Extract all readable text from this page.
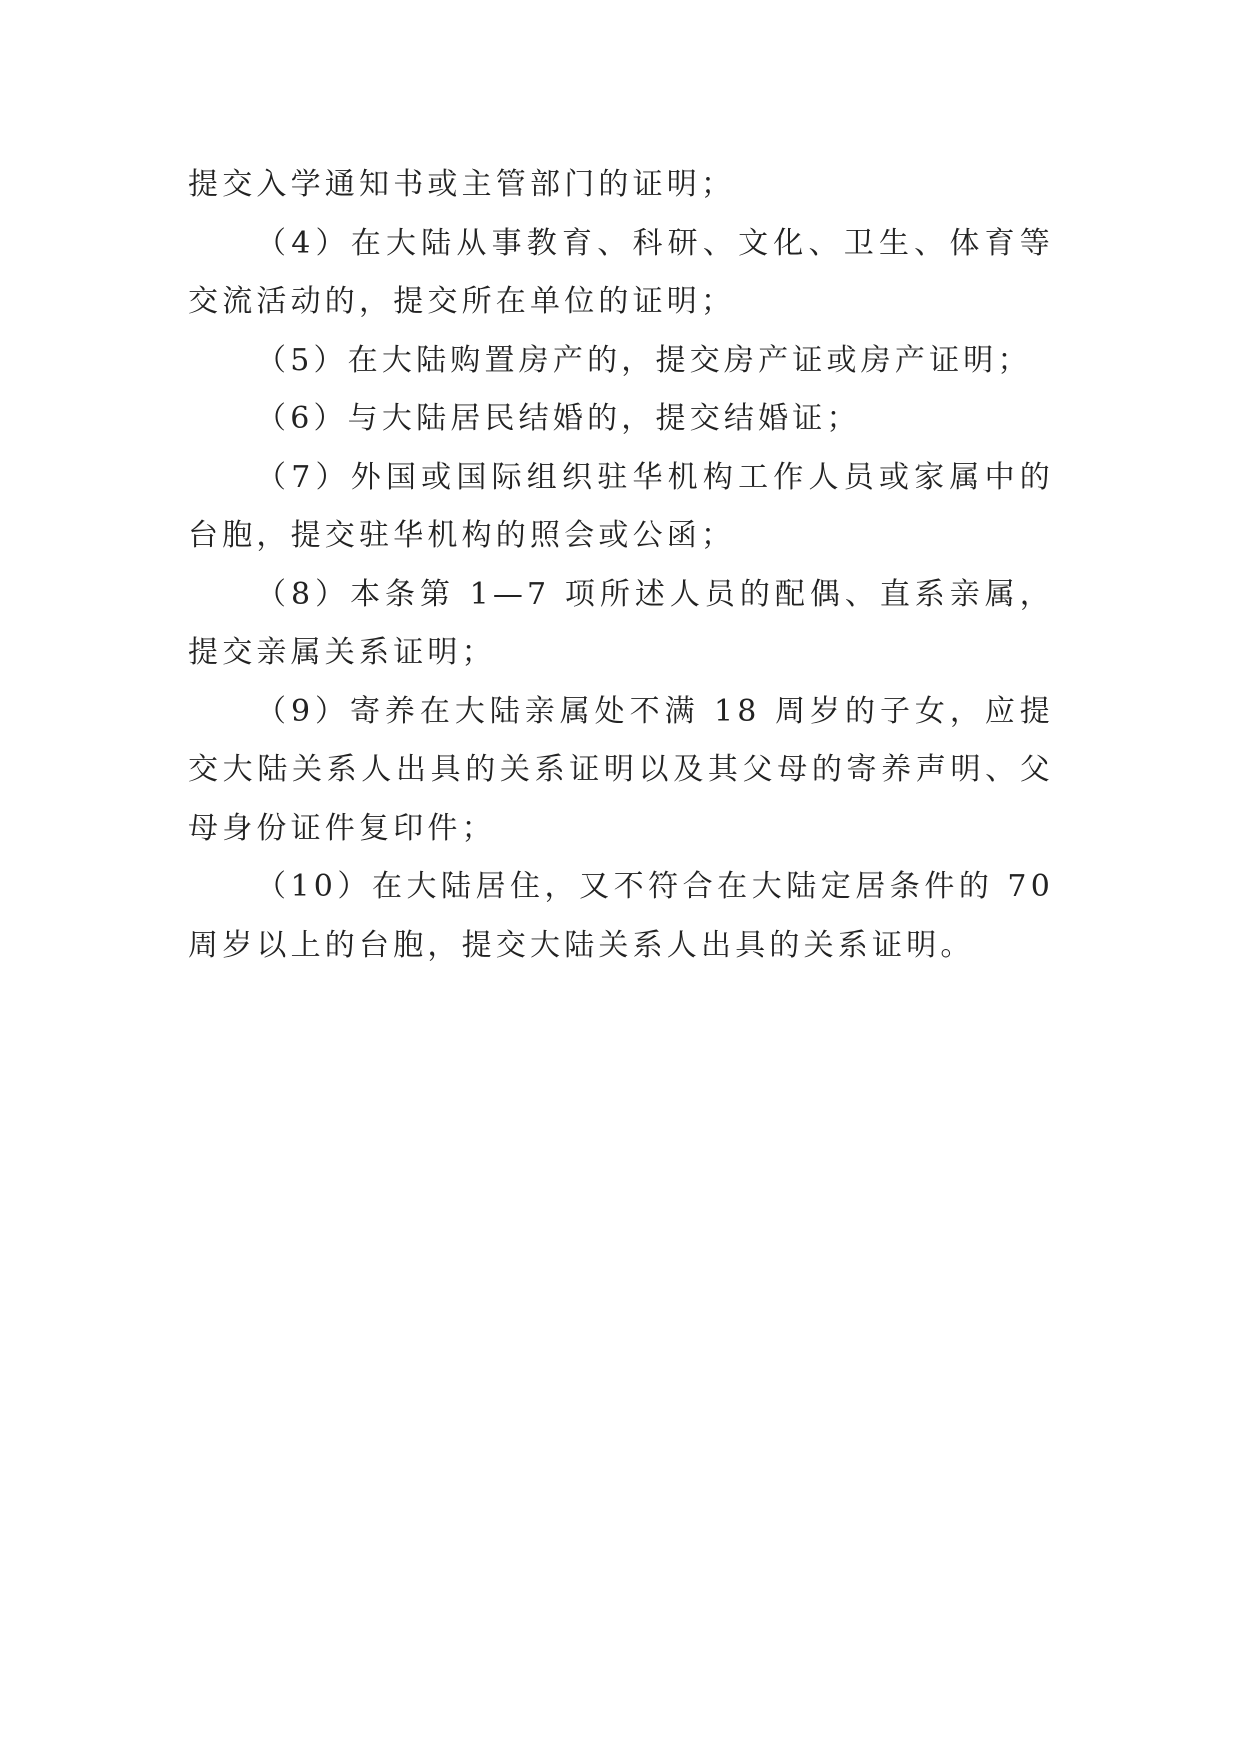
提交入学通知书或主管部门的证明；

（4）在大陆从事教育、科研、文化、卫生、体育等交流活动的，提交所在单位的证明；

（5）在大陆购置房产的，提交房产证或房产证明；

（6）与大陆居民结婚的，提交结婚证；

（7）外国或国际组织驻华机构工作人员或家属中的台胞，提交驻华机构的照会或公函；

（8）本条第 1—7 项所述人员的配偶、直系亲属，提交亲属关系证明；

（9）寄养在大陆亲属处不满 18 周岁的子女，应提交大陆关系人出具的关系证明以及其父母的寄养声明、父母身份证件复印件；

（10）在大陆居住，又不符合在大陆定居条件的 70 周岁以上的台胞，提交大陆关系人出具的关系证明。
